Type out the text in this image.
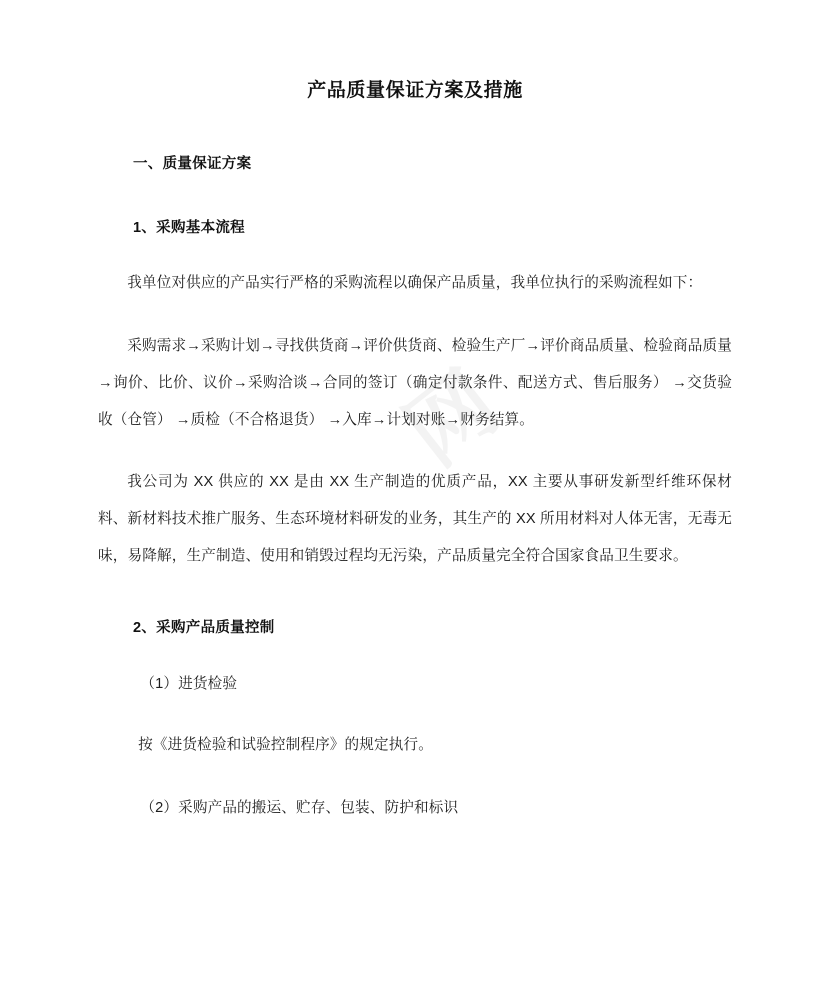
产品质量保证方案及措施
一、质量保证方案
1、采购基本流程

我单位对供应的产品实行严格的采购流程以确保产品质量，我单位执行的采购流程如下：

采购需求→采购计划→寻找供货商→评价供货商、检验生产厂→评价商品质量、检验商品质量→询价、比价、议价→采购洽谈→合同的签订（确定付款条件、配送方式、售后服务） →交货验收（仓管） →质检（不合格退货） →入库→计划对账→财务结算。

我公司为 XX 供应的 XX 是由 XX 生产制造的优质产品，XX 主要从事研发新型纤维环保材料、新材料技术推广服务、生态环境材料研发的业务，其生产的 XX 所用材料对人体无害，无毒无味，易降解，生产制造、使用和销毁过程均无污染，产品质量完全符合国家食品卫生要求。

2、采购产品质量控制

（1）进货检验

按《进货检验和试验控制程序》的规定执行。

（2）采购产品的搬运、贮存、包装、防护和标识
